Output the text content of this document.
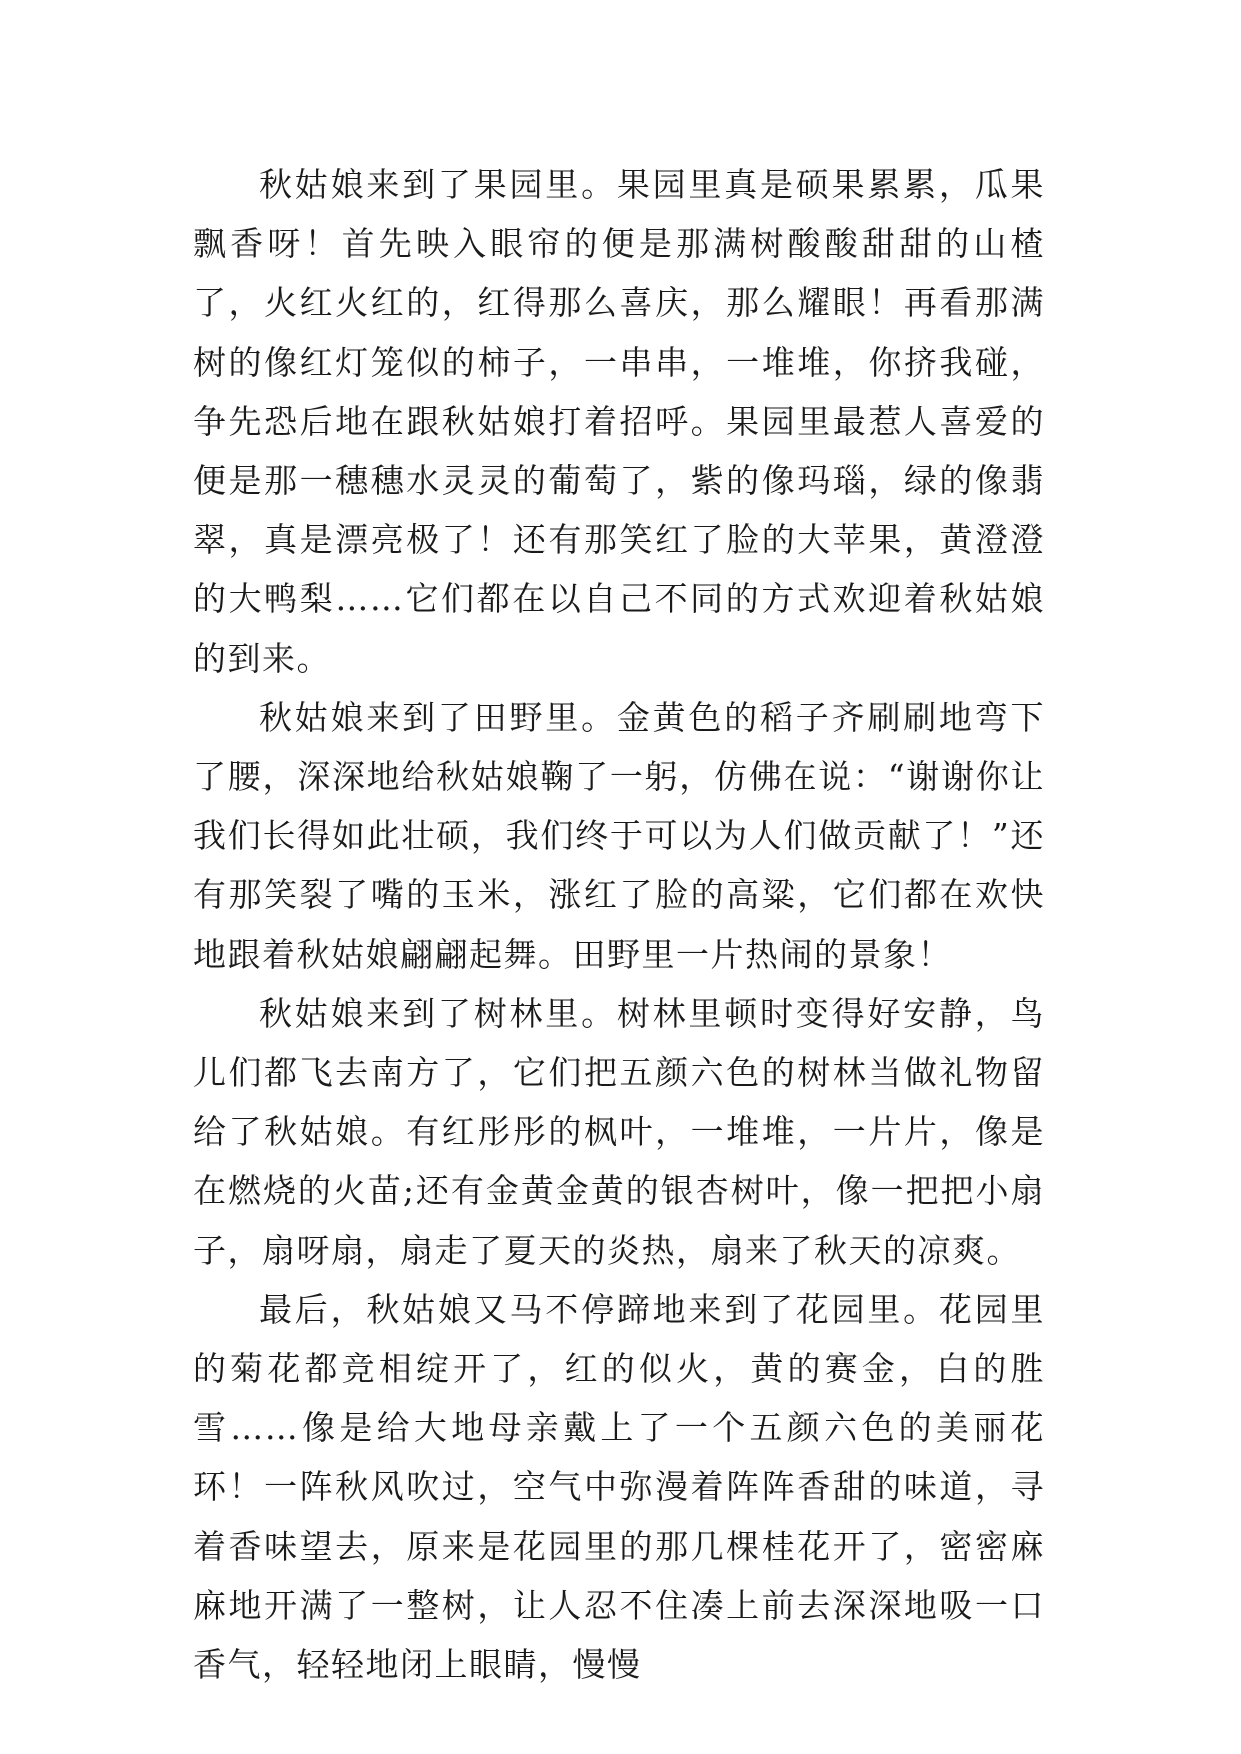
秋姑娘来到了果园里。果园里真是硕果累累，瓜果飘香呀！首先映入眼帘的便是那满树酸酸甜甜的山楂了，火红火红的，红得那么喜庆，那么耀眼！再看那满树的像红灯笼似的柿子，一串串，一堆堆，你挤我碰，争先恐后地在跟秋姑娘打着招呼。果园里最惹人喜爱的便是那一穗穗水灵灵的葡萄了，紫的像玛瑙，绿的像翡翠，真是漂亮极了！还有那笑红了脸的大苹果，黄澄澄的大鸭梨……它们都在以自己不同的方式欢迎着秋姑娘的到来。

秋姑娘来到了田野里。金黄色的稻子齐刷刷地弯下了腰，深深地给秋姑娘鞠了一躬，仿佛在说：“谢谢你让我们长得如此壮硕，我们终于可以为人们做贡献了！”还有那笑裂了嘴的玉米，涨红了脸的高粱，它们都在欢快地跟着秋姑娘翩翩起舞。田野里一片热闹的景象！

秋姑娘来到了树林里。树林里顿时变得好安静，鸟儿们都飞去南方了，它们把五颜六色的树林当做礼物留给了秋姑娘。有红彤彤的枫叶，一堆堆，一片片，像是在燃烧的火苗;还有金黄金黄的银杏树叶，像一把把小扇子，扇呀扇，扇走了夏天的炎热，扇来了秋天的凉爽。

最后，秋姑娘又马不停蹄地来到了花园里。花园里的菊花都竞相绽开了，红的似火，黄的赛金，白的胜雪……像是给大地母亲戴上了一个五颜六色的美丽花环！一阵秋风吹过，空气中弥漫着阵阵香甜的味道，寻着香味望去，原来是花园里的那几棵桂花开了，密密麻麻地开满了一整树，让人忍不住凑上前去深深地吸一口香气，轻轻地闭上眼睛，慢慢
